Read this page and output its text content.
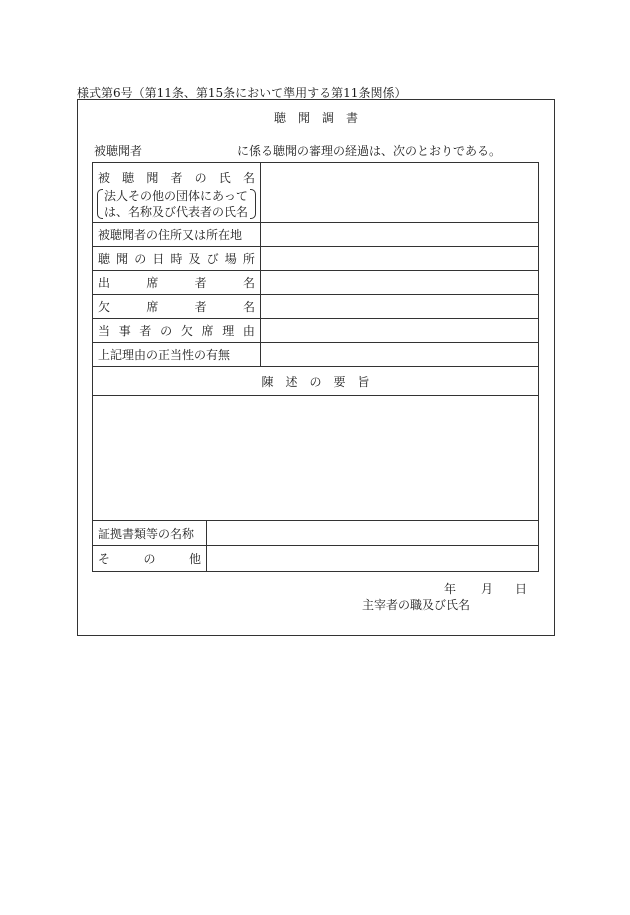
様式第6号（第11条、第15条において準用する第11条関係）
聴　聞　調　書
被聴聞者	に係る聴聞の審理の経過は、次のとおりである。
被 聴 聞 者 の 氏 名
法人その他の団体にあって
は、名称及び代表者の氏名
被聴聞者の住所又は所在地
聴 聞 の 日 時 及 び 場 所
出	席	者	名
欠	席	者	名
当 事 者 の 欠 席 理 由
上記理由の正当性の有無
陳　述　の　要　旨
証拠書類等の名称
そ	の	他
年 月 日
主宰者の職及び氏名
